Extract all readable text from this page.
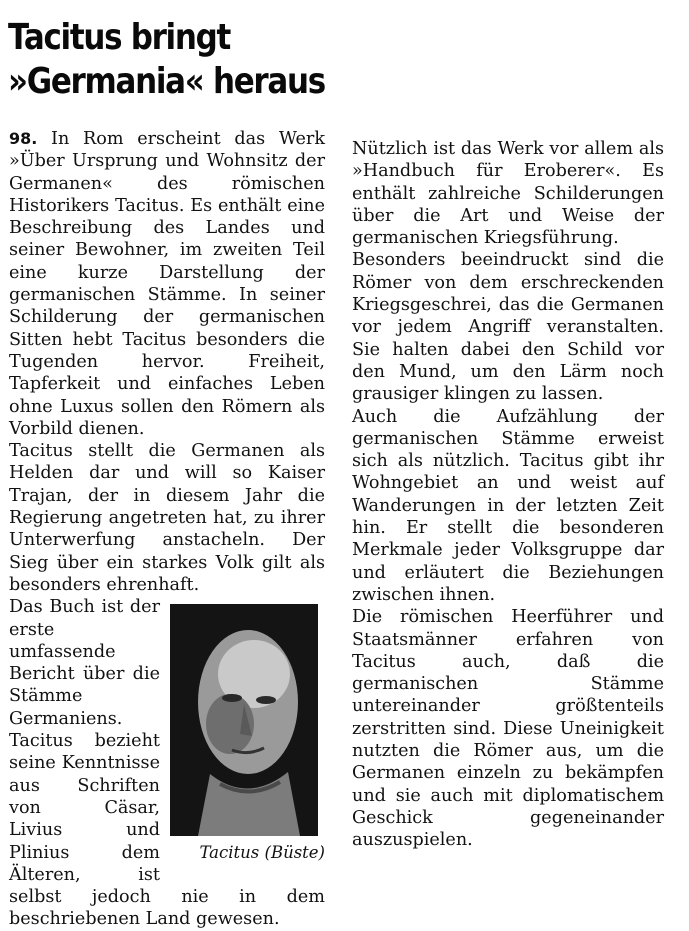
Tacitus bringt
»Germania« heraus

98. In Rom erscheint das Werk »Über Ursprung und Wohnsitz der Germanen« des römischen Historikers Tacitus. Es enthält eine Beschreibung des Landes und seiner Bewohner, im zweiten Teil eine kurze Darstellung der germanischen Stämme. In seiner Schilderung der germanischen Sitten hebt Tacitus besonders die Tugenden hervor. Freiheit, Tapferkeit und einfaches Leben ohne Luxus sollen den Römern als Vorbild dienen.

Tacitus stellt die Germanen als Helden dar und will so Kaiser Trajan, der in diesem Jahr die Regierung angetreten hat, zu ihrer Unterwerfung anstacheln. Der Sieg über ein starkes Volk gilt als besonders ehrenhaft.

Tacitus (Büste)

Das Buch ist der erste umfassende Bericht über die Stämme Germaniens.

Tacitus bezieht seine Kenntnisse aus Schriften von Cäsar, Livius und Plinius dem Älteren, ist selbst jedoch nie in dem beschriebenen Land gewesen.

Nützlich ist das Werk vor allem als »Handbuch für Eroberer«. Es enthält zahlreiche Schilderungen über die Art und Weise der germanischen Kriegsführung.

Besonders beeindruckt sind die Römer von dem erschreckenden Kriegsgeschrei, das die Germanen vor jedem Angriff veranstalten. Sie halten dabei den Schild vor den Mund, um den Lärm noch grausiger klingen zu lassen.

Auch die Aufzählung der germanischen Stämme erweist sich als nützlich. Tacitus gibt ihr Wohngebiet an und weist auf Wanderungen in der letzten Zeit hin. Er stellt die besonderen Merkmale jeder Volksgruppe dar und erläutert die Beziehungen zwischen ihnen.

Die römischen Heerführer und Staatsmänner erfahren von Tacitus auch, daß die germanischen Stämme untereinander größtenteils zerstritten sind. Diese Uneinigkeit nutzten die Römer aus, um die Germanen einzeln zu bekämpfen und sie auch mit diplomatischem Geschick gegeneinander auszuspielen.
